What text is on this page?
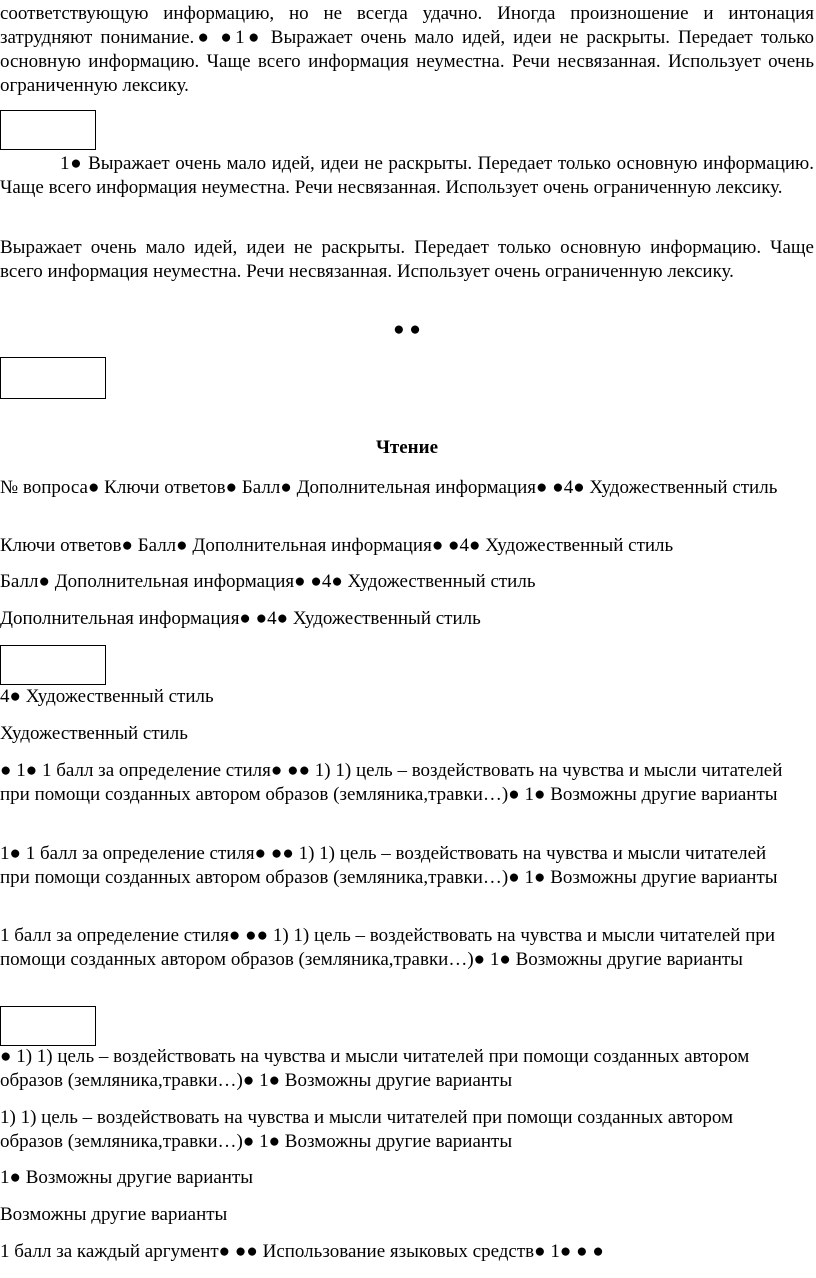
соответствующую информацию, но не всегда удачно. Иногда произношение и интонация затрудняют понимание.● ●1● Выражает очень мало идей, идеи не раскрыты. Передает только основную информацию. Чаще всего информация неуместна. Речи несвязанная. Использует очень ограниченную лексику.
1● Выражает очень мало идей, идеи не раскрыты. Передает только основную информацию. Чаще всего информация неуместна. Речи несвязанная. Использует очень ограниченную лексику.
Выражает очень мало идей, идеи не раскрыты. Передает только основную информацию. Чаще всего информация неуместна. Речи несвязанная. Использует очень ограниченную лексику.
● ●
Чтение
№ вопроса● Ключи ответов● Балл● Дополнительная информация● ●4● Художественный стиль
Ключи ответов● Балл● Дополнительная информация● ●4● Художественный стиль
Балл● Дополнительная информация● ●4● Художественный стиль
Дополнительная информация● ●4● Художественный стиль
4● Художественный стиль
Художественный стиль
● 1● 1 балл за определение стиля● ●● 1) 1) цель – воздействовать на чувства и мысли читателей при помощи созданных автором образов (земляника,травки…)● 1● Возможны другие варианты
1● 1 балл за определение стиля● ●● 1) 1) цель – воздействовать на чувства и мысли читателей при помощи созданных автором образов (земляника,травки…)● 1● Возможны другие варианты
1 балл за определение стиля● ●● 1) 1) цель – воздействовать на чувства и мысли читателей при помощи созданных автором образов (земляника,травки…)● 1● Возможны другие варианты
● 1) 1) цель – воздействовать на чувства и мысли читателей при помощи созданных автором образов (земляника,травки…)● 1● Возможны другие варианты
1) 1) цель – воздействовать на чувства и мысли читателей при помощи созданных автором образов (земляника,травки…)● 1● Возможны другие варианты
1● Возможны другие варианты
Возможны другие варианты
1 балл за каждый аргумент● ●● Использование языковых средств● 1● ● ●
